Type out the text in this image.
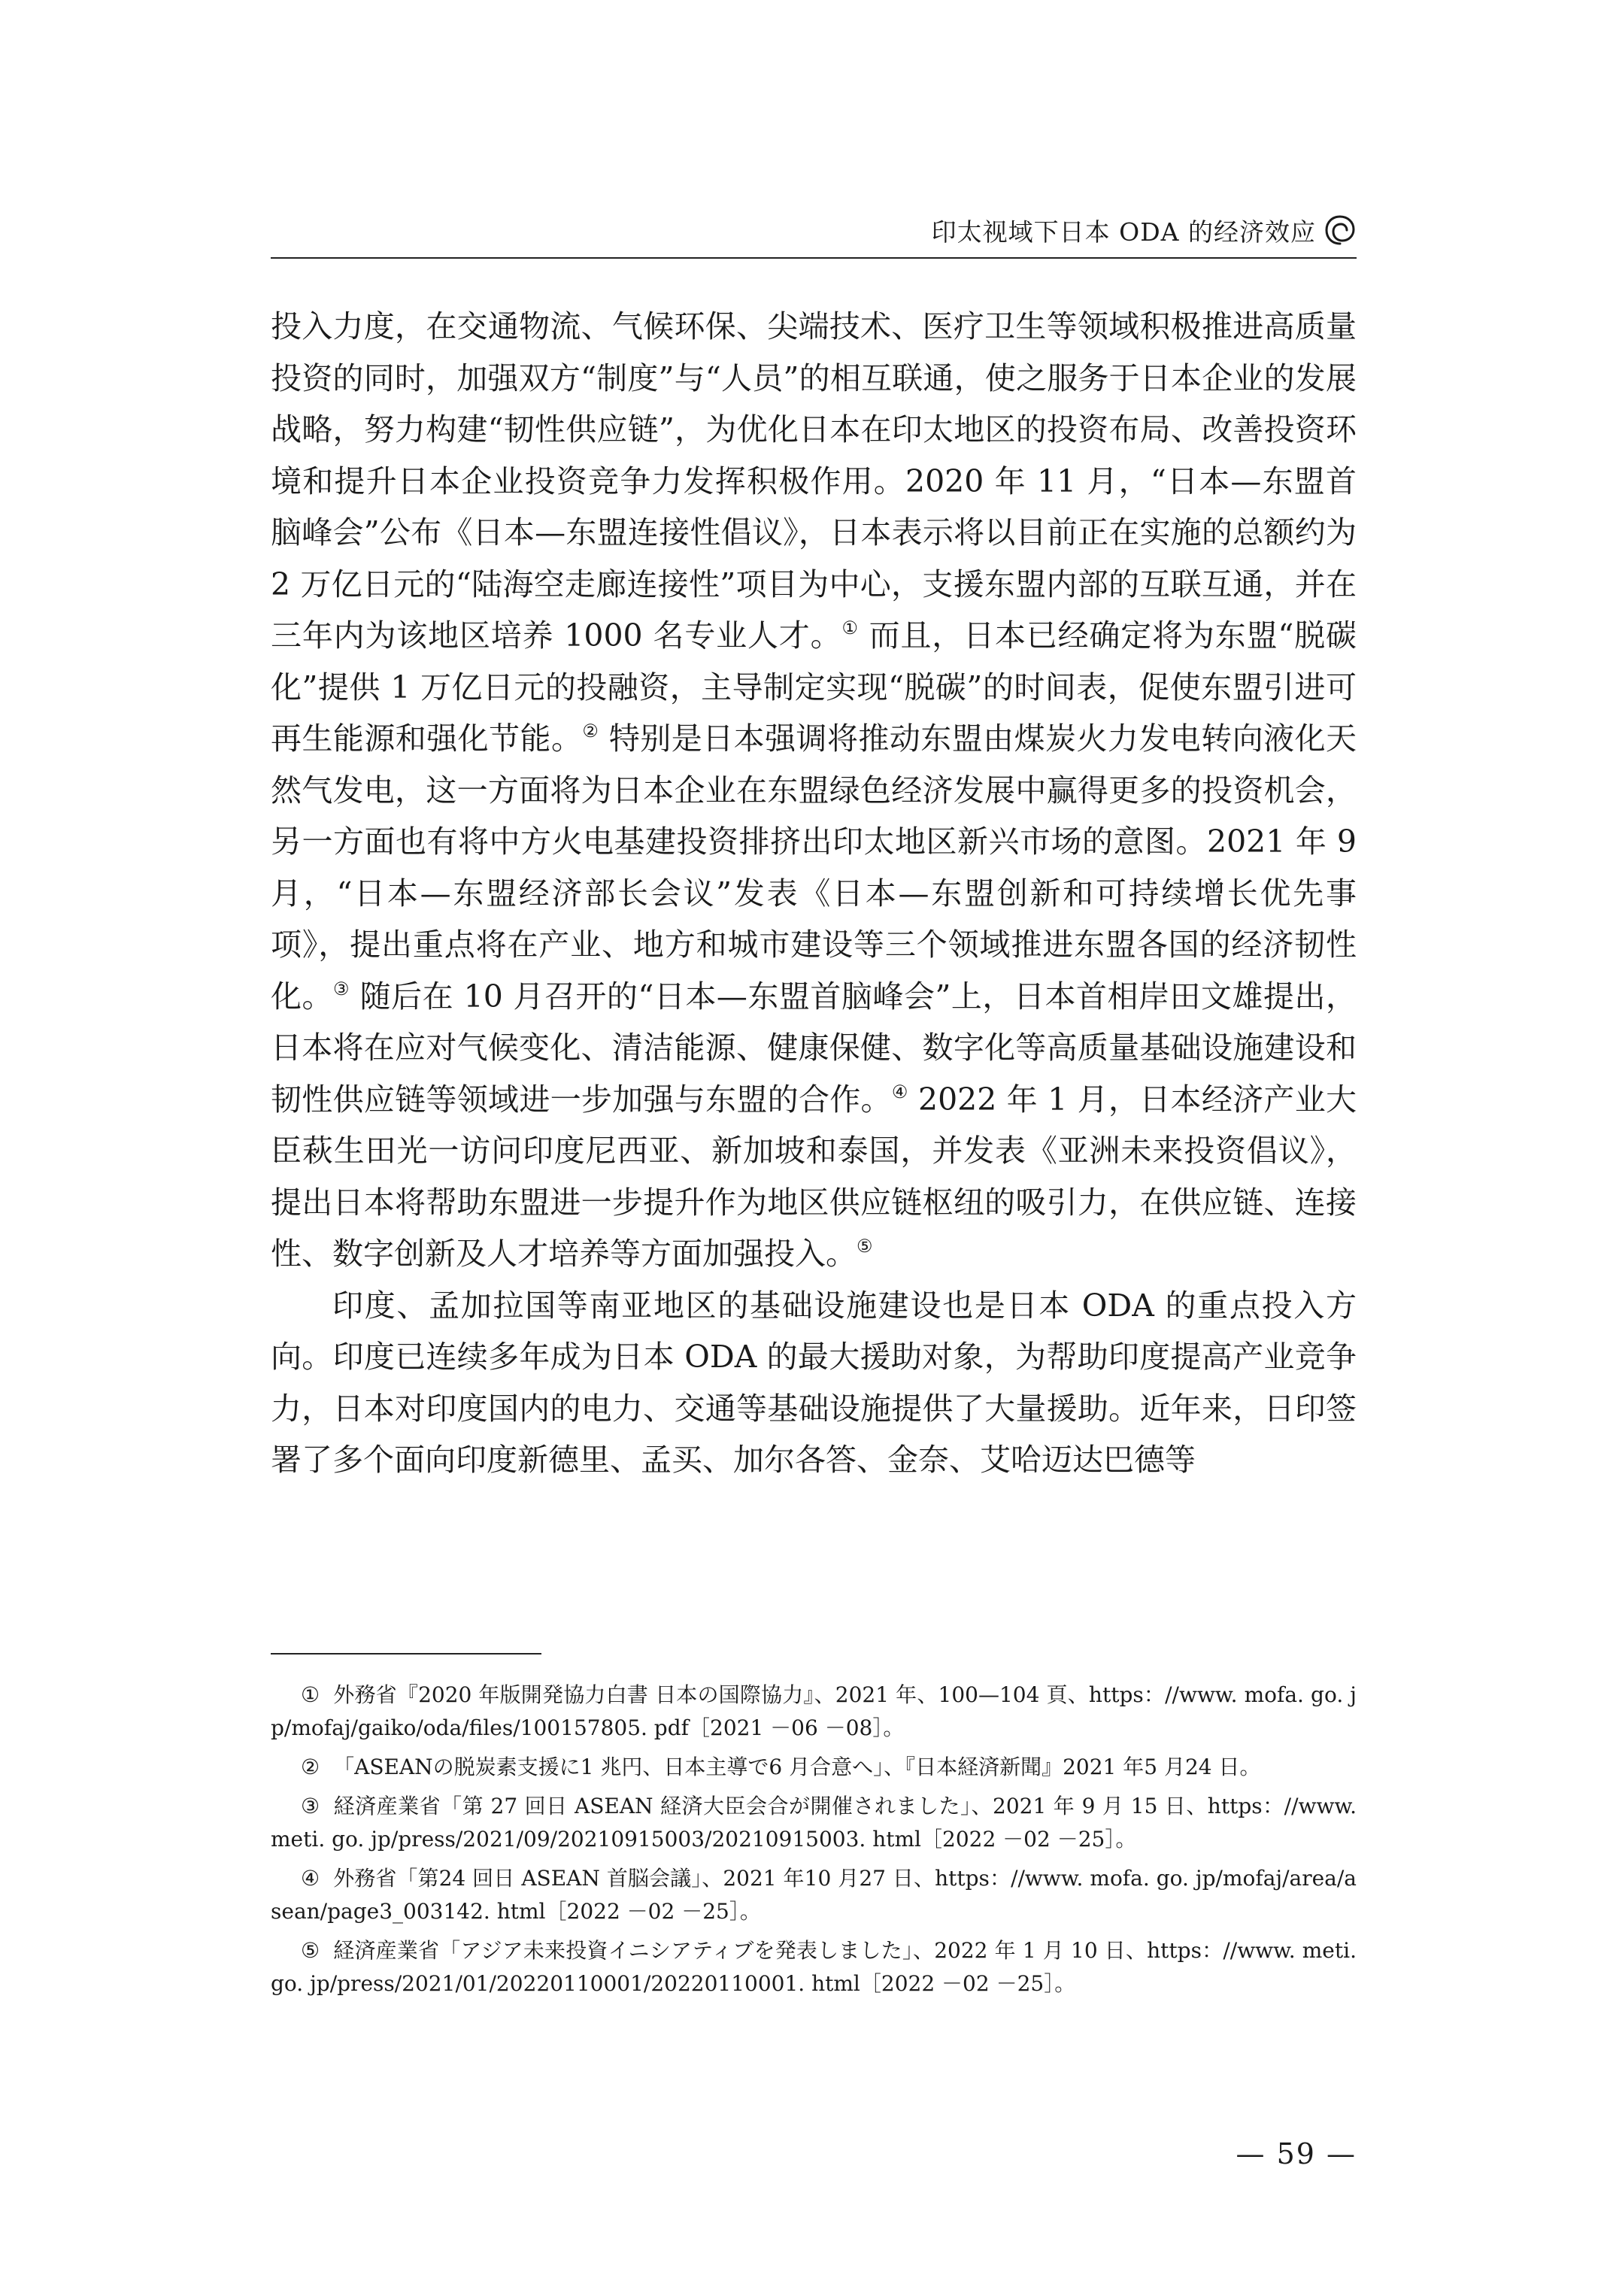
印太视域下日本 ODA 的经济效应

投入力度，在交通物流、气候环保、尖端技术、医疗卫生等领域积极推进高质量投资的同时，加强双方“制度”与“人员”的相互联通，使之服务于日本企业的发展战略，努力构建“韧性供应链”，为优化日本在印太地区的投资布局、改善投资环境和提升日本企业投资竞争力发挥积极作用。2020 年 11 月，“日本—东盟首脑峰会”公布《日本—东盟连接性倡议》，日本表示将以目前正在实施的总额约为 2 万亿日元的“陆海空走廊连接性”项目为中心，支援东盟内部的互联互通，并在三年内为该地区培养 1000 名专业人才。① 而且，日本已经确定将为东盟“脱碳化”提供 1 万亿日元的投融资，主导制定实现“脱碳”的时间表，促使东盟引进可再生能源和强化节能。② 特别是日本强调将推动东盟由煤炭火力发电转向液化天然气发电，这一方面将为日本企业在东盟绿色经济发展中赢得更多的投资机会，另一方面也有将中方火电基建投资排挤出印太地区新兴市场的意图。2021 年 9 月，“日本—东盟经济部长会议”发表《日本—东盟创新和可持续增长优先事项》，提出重点将在产业、地方和城市建设等三个领域推进东盟各国的经济韧性化。③ 随后在 10 月召开的“日本—东盟首脑峰会”上，日本首相岸田文雄提出，日本将在应对气候变化、清洁能源、健康保健、数字化等高质量基础设施建设和韧性供应链等领域进一步加强与东盟的合作。④ 2022 年 1 月，日本经济产业大臣萩生田光一访问印度尼西亚、新加坡和泰国，并发表《亚洲未来投资倡议》，提出日本将帮助东盟进一步提升作为地区供应链枢纽的吸引力，在供应链、连接性、数字创新及人才培养等方面加强投入。⑤

印度、孟加拉国等南亚地区的基础设施建设也是日本 ODA 的重点投入方向。印度已连续多年成为日本 ODA 的最大援助对象，为帮助印度提高产业竞争力，日本对印度国内的电力、交通等基础设施提供了大量援助。近年来，日印签署了多个面向印度新德里、孟买、加尔各答、金奈、艾哈迈达巴德等

① 外務省『2020 年版開発協力白書 日本の国際協力』、2021 年、100—104 頁、https：//www. mofa. go. jp/mofaj/gaiko/oda/files/100157805. pdf［2021 －06 －08］。

② 「ASEANの脱炭素支援に1 兆円、日本主導で6 月合意へ」、『日本経済新聞』2021 年5 月24 日。

③ 経済産業省「第 27 回日 ASEAN 経済大臣会合が開催されました」、2021 年 9 月 15 日、https：//www. meti. go. jp/press/2021/09/20210915003/20210915003. html［2022 －02 －25］。

④ 外務省「第24 回日 ASEAN 首脳会議」、2021 年10 月27 日、https：//www. mofa. go. jp/mofaj/area/asean/page3_003142. html［2022 －02 －25］。

⑤ 経済産業省「アジア未来投資イニシアティブを発表しました」、2022 年 1 月 10 日、https：//www. meti. go. jp/press/2021/01/20220110001/20220110001. html［2022 －02 －25］。

— 59 —
